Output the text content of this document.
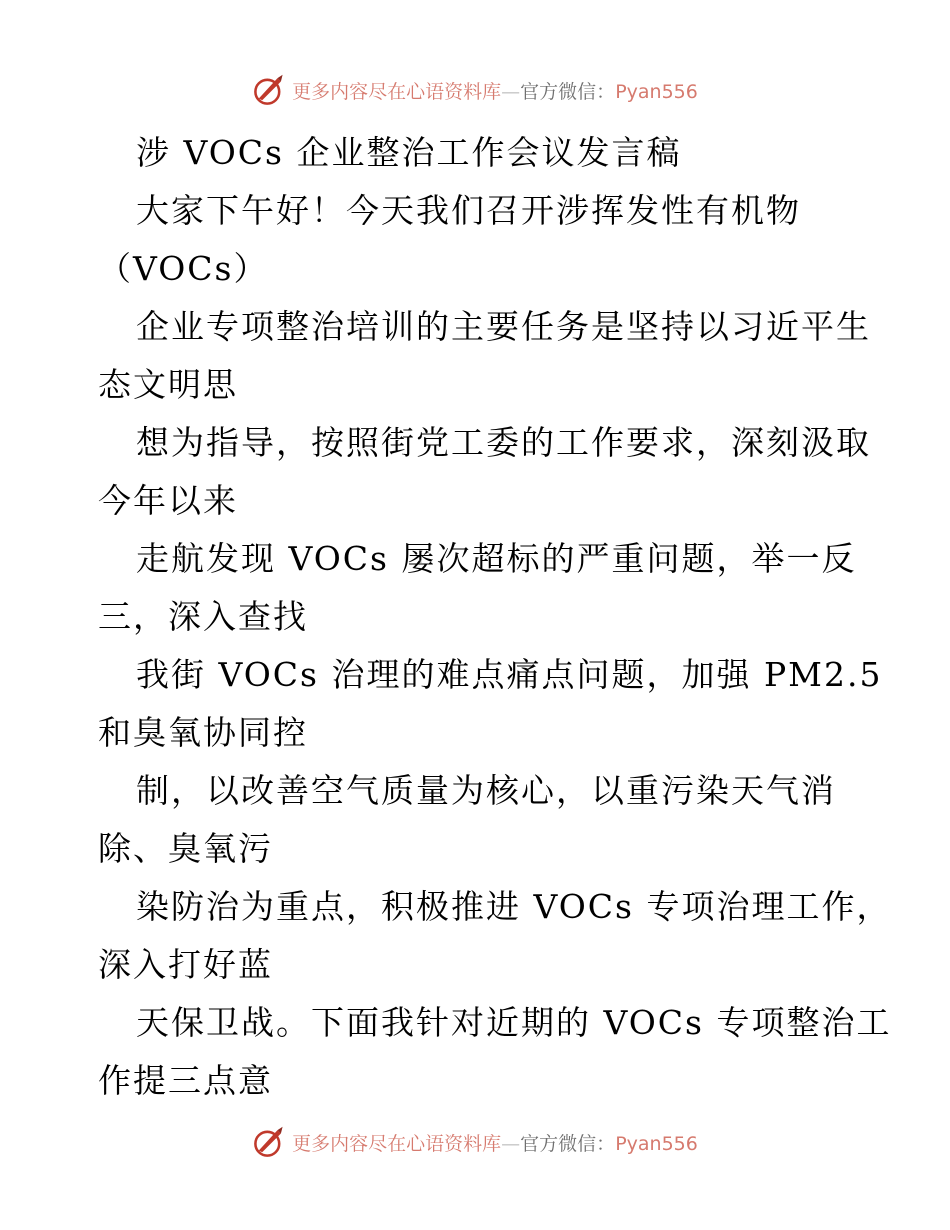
更多内容尽在心语资料库—官方微信：Pyan556
涉 VOCs 企业整治工作会议发言稿
大家下午好！今天我们召开涉挥发性有机物
（VOCs）
企业专项整治培训的主要任务是坚持以习近平生
态文明思
想为指导，按照街党工委的工作要求，深刻汲取
今年以来
走航发现 VOCs 屡次超标的严重问题，举一反
三，深入查找
我街 VOCs 治理的难点痛点问题，加强 PM2.5
和臭氧协同控
制，以改善空气质量为核心，以重污染天气消
除、臭氧污
染防治为重点，积极推进 VOCs 专项治理工作，
深入打好蓝
天保卫战。下面我针对近期的 VOCs 专项整治工
作提三点意
更多内容尽在心语资料库—官方微信：Pyan556
